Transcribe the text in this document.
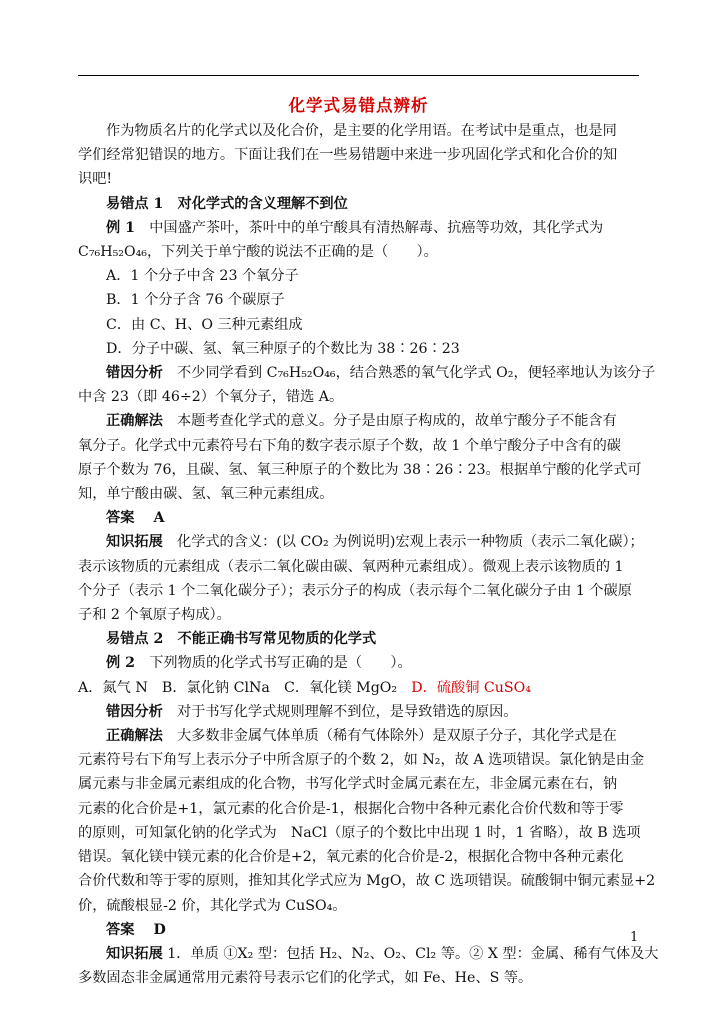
化学式易错点辨析

作为物质名片的化学式以及化合价，是主要的化学用语。在考试中是重点，也是同

学们经常犯错误的地方。下面让我们在一些易错题中来进一步巩固化学式和化合价的知

识吧!

易错点 1　对化学式的含义理解不到位

例 1　中国盛产茶叶，茶叶中的单宁酸具有清热解毒、抗癌等功效，其化学式为

C₇₆H₅₂O₄₆，下列关于单宁酸的说法不正确的是（　　）。

A．1 个分子中含 23 个氧分子

B．1 个分子含 76 个碳原子

C．由 C、H、O 三种元素组成

D．分子中碳、氢、氧三种原子的个数比为 38∶26∶23

错因分析　不少同学看到 C₇₆H₅₂O₄₆，结合熟悉的氧气化学式 O₂，便轻率地认为该分子

中含 23（即 46÷2）个氧分子，错选 A。

正确解法　本题考查化学式的意义。分子是由原子构成的，故单宁酸分子不能含有

氧分子。化学式中元素符号右下角的数字表示原子个数，故 1 个单宁酸分子中含有的碳

原子个数为 76，且碳、氢、氧三种原子的个数比为 38∶26∶23。根据单宁酸的化学式可

知，单宁酸由碳、氢、氧三种元素组成。

答案　 A

知识拓展　化学式的含义：(以 CO₂ 为例说明)宏观上表示一种物质（表示二氧化碳）；

表示该物质的元素组成（表示二氧化碳由碳、氧两种元素组成）。微观上表示该物质的 1

个分子（表示 1 个二氧化碳分子）；表示分子的构成（表示每个二氧化碳分子由 1 个碳原

子和 2 个氧原子构成）。

易错点 2　不能正确书写常见物质的化学式

例 2　下列物质的化学式书写正确的是（　　）。

A．氮气 N　B．氯化钠 ClNa　C．氧化镁 MgO₂　D．硫酸铜 CuSO₄

错因分析　对于书写化学式规则理解不到位，是导致错选的原因。

正确解法　大多数非金属气体单质（稀有气体除外）是双原子分子，其化学式是在

元素符号右下角写上表示分子中所含原子的个数 2，如 N₂，故 A 选项错误。氯化钠是由金

属元素与非金属元素组成的化合物，书写化学式时金属元素在左，非金属元素在右，钠

元素的化合价是+1，氯元素的化合价是-1，根据化合物中各种元素化合价代数和等于零

的原则，可知氯化钠的化学式为　NaCl（原子的个数比中出现 1 时，1 省略），故 B 选项

错误。氧化镁中镁元素的化合价是+2，氧元素的化合价是-2，根据化合物中各种元素化

合价代数和等于零的原则，推知其化学式应为 MgO，故 C 选项错误。硫酸铜中铜元素显+2

价，硫酸根显-2 价，其化学式为 CuSO₄。

答案　 D

知识拓展 1．单质 ①X₂ 型：包括 H₂、N₂、O₂、Cl₂ 等。② X 型：金属、稀有气体及大

多数固态非金属通常用元素符号表示它们的化学式，如 Fe、He、S 等。

1
